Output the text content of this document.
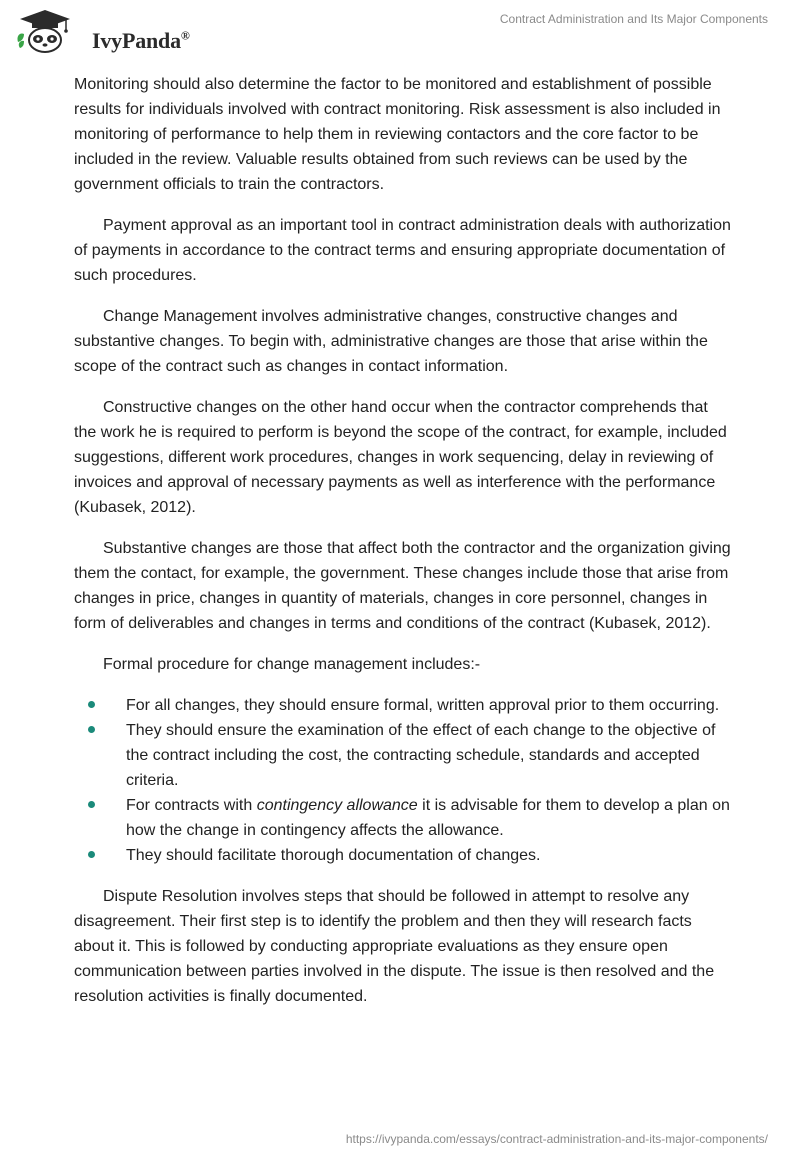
IvyPanda®
Contract Administration and Its Major Components

Monitoring should also determine the factor to be monitored and establishment of possible results for individuals involved with contract monitoring. Risk assessment is also included in monitoring of performance to help them in reviewing contactors and the core factor to be included in the review. Valuable results obtained from such reviews can be used by the government officials to train the contractors.

Payment approval as an important tool in contract administration deals with authorization of payments in accordance to the contract terms and ensuring appropriate documentation of such procedures.

Change Management involves administrative changes, constructive changes and substantive changes. To begin with, administrative changes are those that arise within the scope of the contract such as changes in contact information.

Constructive changes on the other hand occur when the contractor comprehends that the work he is required to perform is beyond the scope of the contract, for example, included suggestions, different work procedures, changes in work sequencing, delay in reviewing of invoices and approval of necessary payments as well as interference with the performance (Kubasek, 2012).

Substantive changes are those that affect both the contractor and the organization giving them the contact, for example, the government. These changes include those that arise from changes in price, changes in quantity of materials, changes in core personnel, changes in form of deliverables and changes in terms and conditions of the contract (Kubasek, 2012).

Formal procedure for change management includes:-

For all changes, they should ensure formal, written approval prior to them occurring.
They should ensure the examination of the effect of each change to the objective of the contract including the cost, the contracting schedule, standards and accepted criteria.
For contracts with contingency allowance it is advisable for them to develop a plan on how the change in contingency affects the allowance.
They should facilitate thorough documentation of changes.

Dispute Resolution involves steps that should be followed in attempt to resolve any disagreement. Their first step is to identify the problem and then they will research facts about it. This is followed by conducting appropriate evaluations as they ensure open communication between parties involved in the dispute. The issue is then resolved and the resolution activities is finally documented.

https://ivypanda.com/essays/contract-administration-and-its-major-components/
